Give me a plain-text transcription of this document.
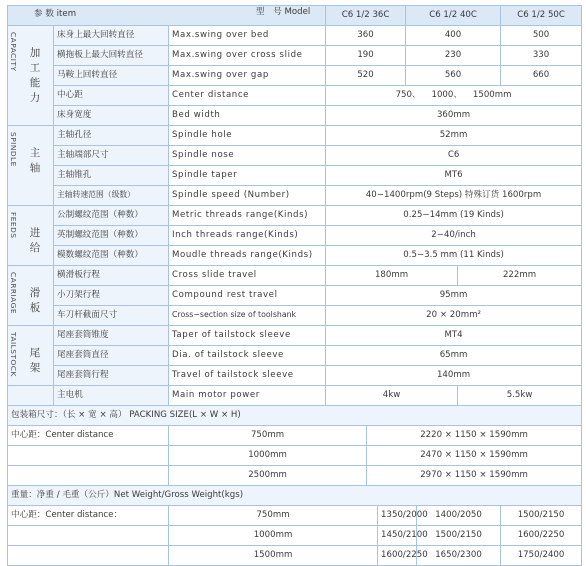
参 数 item 型　号 Model			C6 1/2 36C			C6 1/2 40C			C6 1/2 50C

CAPACITY 加工能力	床身上最大回转直径	Max.swing over bed	360			400			500
	横拖板上最大回转直径	Max.swing over cross slide	190			230			330
	马鞍上回转直径	Max.swing over gap	520			560			660
	中心距	Center distance	750、 1000、 1500mm						
	床身宽度	Bed width	360mm						

SPINDLE 主轴	主轴孔径	Spindle hole	52mm						
	主轴端部尺寸	Spindle nose	C6						
	主轴锥孔	Spindle taper	MT6						
	主轴转速范围（级数）	Spindle speed (Number)	40−1400rpm(9 Steps) 特殊订货 1600rpm						

FEEDS 进给	公制螺纹范围（种数）	Metric threads range(Kinds)	0.25−14mm (19 Kinds)						
	英制螺纹范围（种数）	Inch threads range(Kinds)	2−40/inch						
	模数螺纹范围（种数）	Moudle threads range(Kinds)	0.5−3.5 mm (11 Kinds)						

CARRIAGE 滑板	横滑板行程	Cross slide travel	180mm					222mm	
	小刀架行程	Compound rest travel	95mm						
	车刀杆截面尺寸	Cross−section size of toolshank	20 × 20mm²						

TAILSTOCK 尾架	尾座套筒锥度	Taper of tailstock sleeve	MT4						
	尾座套筒直径	Dia. of tailstock sleeve	65mm						
	尾座套筒行程	Travel of tailstock sleeve	140mm						
	主电机	Main motor power	4kw					5.5kw	
包装箱尺寸：（长 × 宽 × 高） PACKING SIZE(L × W × H)									
中心距：Center distance		750mm		2220 × 1150 × 1590mm					
		1000mm		2470 × 1150 × 1590mm					
		2500mm		2970 × 1150 × 1590mm					
重量：净重 / 毛重（公斤）Net Weight/Gross Weight(kgs)									
中心距：Center distance：		750mm			1350/2000		1400/2050		1500/2150
		1000mm			1450/2100		1500/2150		1600/2250
		1500mm			1600/2250		1650/2300		1750/2400
